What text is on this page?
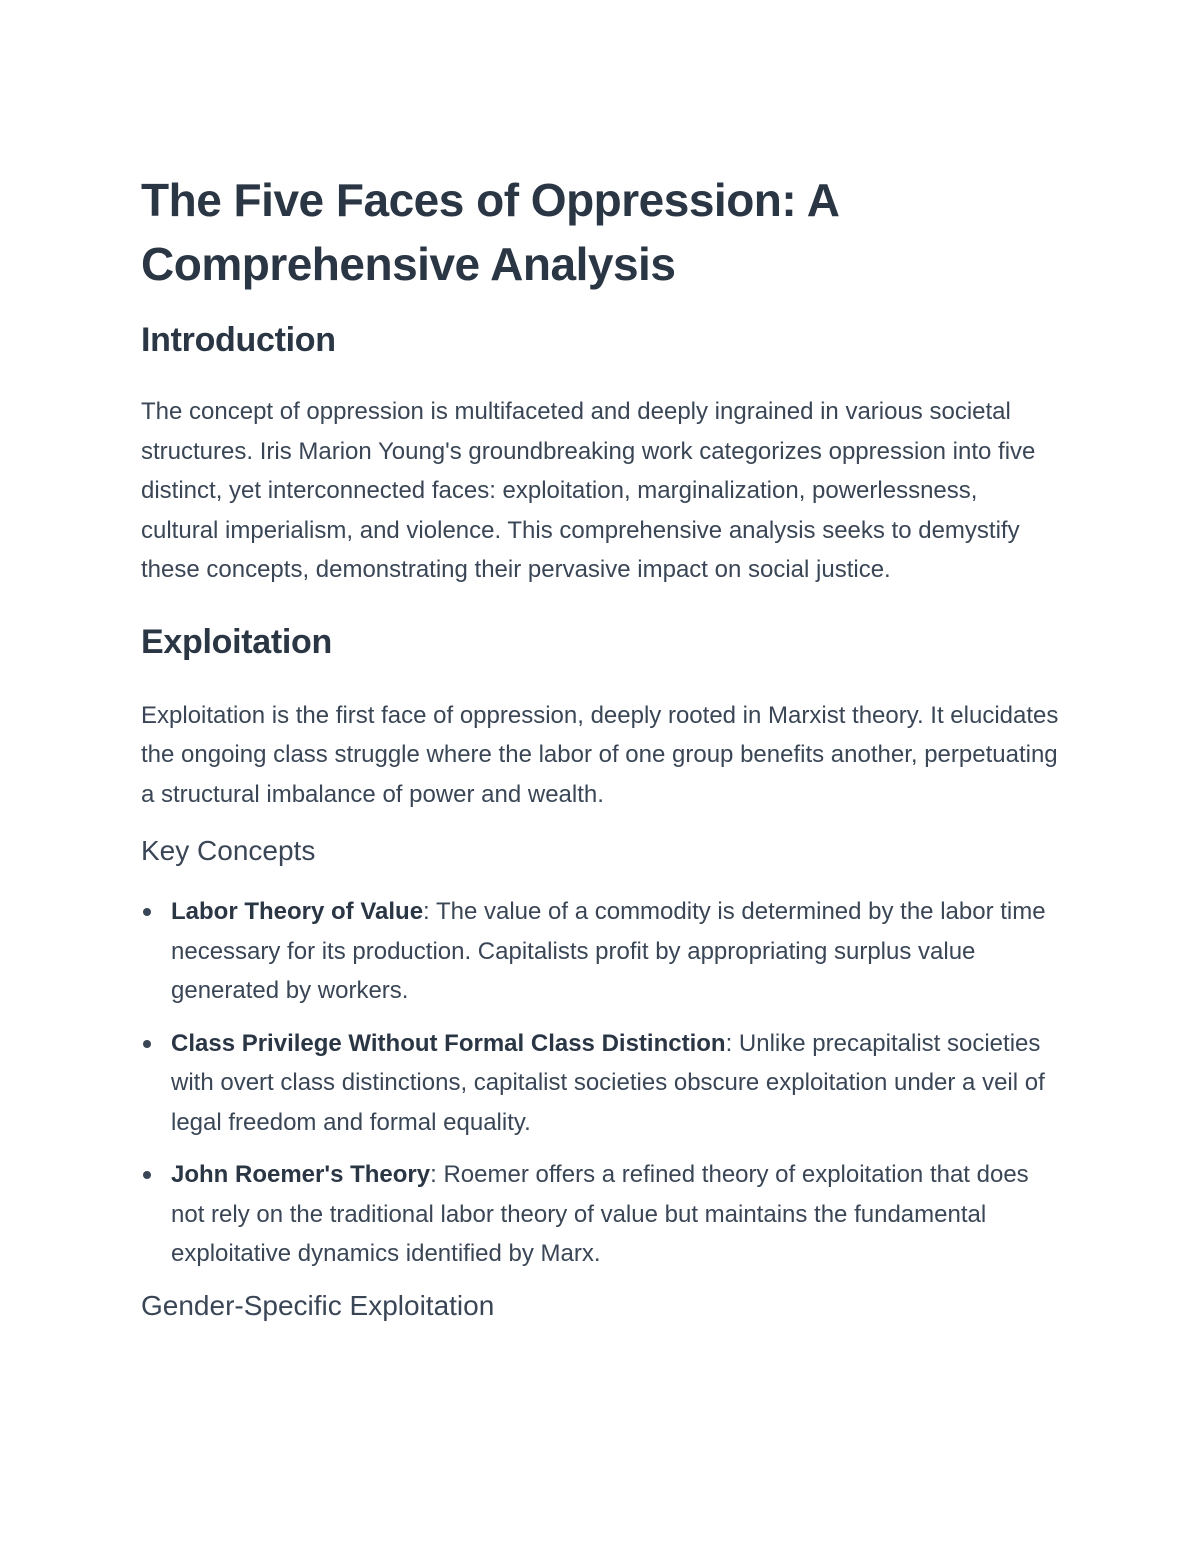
The Five Faces of Oppression: A Comprehensive Analysis
Introduction

The concept of oppression is multifaceted and deeply ingrained in various societal structures. Iris Marion Young's groundbreaking work categorizes oppression into five distinct, yet interconnected faces: exploitation, marginalization, powerlessness, cultural imperialism, and violence. This comprehensive analysis seeks to demystify these concepts, demonstrating their pervasive impact on social justice.

Exploitation

Exploitation is the first face of oppression, deeply rooted in Marxist theory. It elucidates the ongoing class struggle where the labor of one group benefits another, perpetuating a structural imbalance of power and wealth.

Key Concepts
Labor Theory of Value: The value of a commodity is determined by the labor time necessary for its production. Capitalists profit by appropriating surplus value generated by workers.
Class Privilege Without Formal Class Distinction: Unlike precapitalist societies with overt class distinctions, capitalist societies obscure exploitation under a veil of legal freedom and formal equality.
John Roemer's Theory: Roemer offers a refined theory of exploitation that does not rely on the traditional labor theory of value but maintains the fundamental exploitative dynamics identified by Marx.
Gender-Specific Exploitation
